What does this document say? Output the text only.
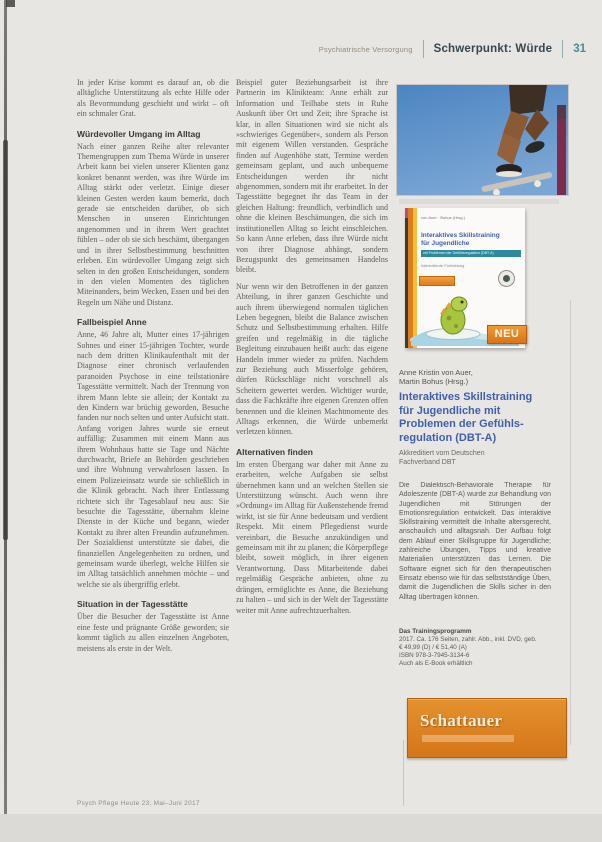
Psychiatrische Versorgung Schwerpunkt: Würde 31

In jeder Krise kommt es darauf an, ob die alltägliche Unterstützung als echte Hilfe oder als Bevormundung geschieht und wirkt – oft ein schmaler Grat.

Würdevoller Umgang im Alltag

Nach einer ganzen Reihe alter relevanter Themengruppen zum Thema Würde in unserer Arbeit kann bei vielen unserer Klienten ganz konkret benannt werden, was ihre Würde im Alltag stärkt oder verletzt. Einige dieser kleinen Gesten werden kaum bemerkt, doch gerade sie entscheiden darüber, ob sich Menschen in unseren Einrichtungen angenommen und in ihrem Wert geachtet fühlen – oder ob sie sich beschämt, übergangen und in ihrer Selbstbestimmung beschnitten erleben. Ein würdevoller Umgang zeigt sich selten in den großen Entscheidungen, sondern in den vielen Momenten des täglichen Miteinanders, beim Wecken, Essen und bei den Regeln um Nähe und Distanz.

Fallbeispiel Anne

Anne, 46 Jahre alt, Mutter eines 17-jährigen Sohnes und einer 15-jährigen Tochter, wurde nach dem dritten Klinikaufenthalt mit der Diagnose einer chronisch verlaufenden paranoiden Psychose in eine teilstationäre Tagesstätte vermittelt. Nach der Trennung von ihrem Mann lebte sie allein; der Kontakt zu den Kindern war brüchig geworden, Besuche fanden nur noch selten und unter Aufsicht statt. Anfang vorigen Jahres wurde sie erneut auffällig: Zusammen mit einem Mann aus ihrem Wohnhaus hatte sie Tage und Nächte durchwacht, Briefe an Behörden geschrieben und ihre Wohnung verwahrlosen lassen. In einem Polizeieinsatz wurde sie schließlich in die Klinik gebracht. Nach ihrer Entlassung richtete sich ihr Tagesablauf neu aus: Sie besuchte die Tagesstätte, übernahm kleine Dienste in der Küche und begann, wieder Kontakt zu ihrer alten Freundin aufzunehmen. Der Sozialdienst unterstützte sie dabei, die finanziellen Angelegenheiten zu ordnen, und gemeinsam wurde überlegt, welche Hilfen sie im Alltag tatsächlich annehmen möchte – und welche sie als übergriffig erlebt.

Situation in der Tagesstätte

Über die Besucher der Tagesstätte ist Anne eine feste und prägnante Größe geworden; sie kommt täglich zu allen einzelnen Angeboten, meistens als erste in der Welt.

Beispiel guter Beziehungsarbeit ist ihre Partnerin im Klinikteam: Anne erhält zur Information und Teilhabe stets in Ruhe Auskunft über Ort und Zeit; ihre Sprache ist klar, in allen Situationen wird sie nicht als »schwieriges Gegenüber«, sondern als Person mit eigenem Willen verstanden. Gespräche finden auf Augenhöhe statt, Termine werden gemeinsam geplant, und auch unbequeme Entscheidungen werden ihr nicht abgenommen, sondern mit ihr erarbeitet. In der Tagesstätte begegnet ihr das Team in der gleichen Haltung: freundlich, verbindlich und ohne die kleinen Beschämungen, die sich im institutionellen Alltag so leicht einschleichen. So kann Anne erleben, dass ihre Würde nicht von ihrer Diagnose abhängt, sondern Bezugspunkt des gemeinsamen Handelns bleibt.

Nur wenn wir den Betroffenen in der ganzen Abteilung, in ihrer ganzen Geschichte und auch ihrem überwiegend normalen täglichen Leben begegnen, bleibt die Balance zwischen Schutz und Selbstbestimmung erhalten. Hilfe greifen und regelmäßig in die tägliche Begleitung einzubauen heißt auch: das eigene Handeln immer wieder zu prüfen. Nachdem zur Beziehung auch Misserfolge gehören, dürfen Rückschläge nicht vorschnell als Scheitern gewertet werden. Wichtiger wurde, dass die Fachkräfte ihre eigenen Grenzen offen benennen und die kleinen Machtmomente des Alltags erkennen, die Würde unbemerkt verletzen können.

Alternativen finden

Im ersten Übergang war daher mit Anne zu erarbeiten, welche Aufgaben sie selbst übernehmen kann und an welchen Stellen sie Unterstützung wünscht. Auch wenn ihre »Ordnung« im Alltag für Außenstehende fremd wirkt, ist sie für Anne bedeutsam und verdient Respekt. Mit einem Pflegedienst wurde vereinbart, die Besuche anzukündigen und gemeinsam mit ihr zu planen; die Körperpflege bleibt, soweit möglich, in ihrer eigenen Verantwortung. Dass Mitarbeitende dabei regelmäßig Gespräche anbieten, ohne zu drängen, ermöglichte es Anne, die Beziehung zu halten – und sich in der Welt der Tagesstätte weiter mit Anne aufrechtzuerhalten.

Psych Pflege Heute 23; Mai–Juni 2017
von Auer · Bohus (Hrsg.)
Interaktives Skillstraining
für Jugendliche
mit Problemen der Gefühlsregulation (DBT-A)
Akkreditierte Fortbildung
NEU
Anne Kristin von Auer,
Martin Bohus (Hrsg.)
Interaktives Skillstraining
für Jugendliche mit
Problemen der Gefühls-
regulation (DBT-A)
Akkreditiert vom Deutschen
Fachverband DBT
Die Dialektisch-Behaviorale Therapie für Adoleszente (DBT-A) wurde zur Behandlung von Jugendlichen mit Störungen der Emotionsregulation entwickelt. Das interaktive Skillstraining vermittelt die Inhalte altersgerecht, anschaulich und alltagsnah. Der Aufbau folgt dem Ablauf einer Skillsgruppe für Jugendliche; zahlreiche Übungen, Tipps und kreative Materialien unterstützen das Lernen. Die Software eignet sich für den therapeutischen Einsatz ebenso wie für das selbstständige Üben, damit die Jugendlichen die Skills sicher in den Alltag übertragen können.
Das Trainingsprogramm
2017. Ca. 176 Seiten, zahlr. Abb., inkl. DVD, geb.
€ 49,99 (D) / € 51,40 (A)
ISBN 978-3-7945-3134-6
Auch als E-Book erhältlich
Schattauer
